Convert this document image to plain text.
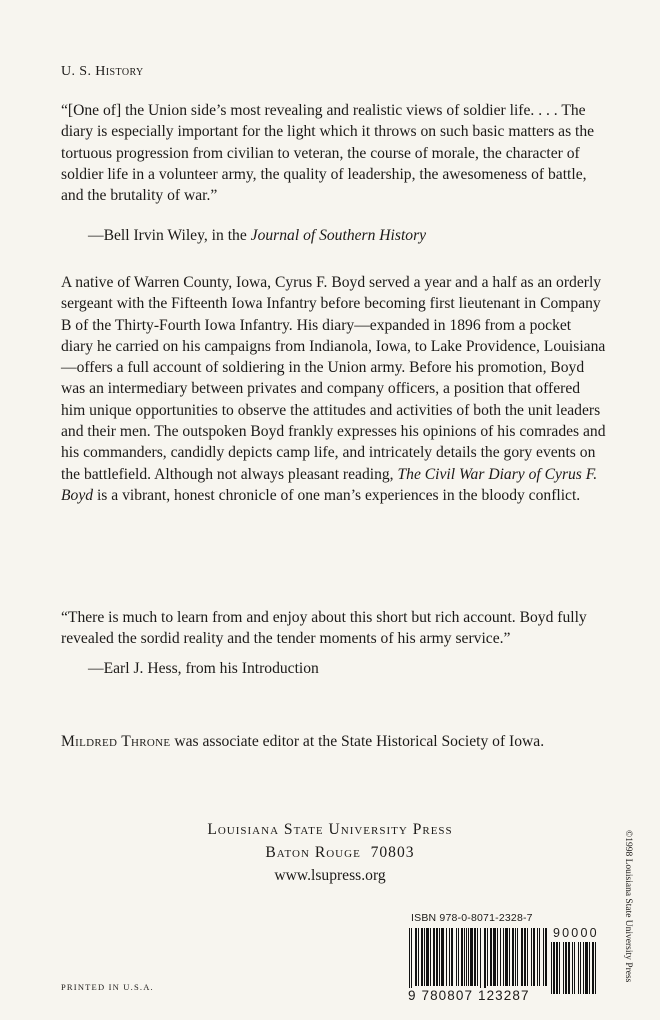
U. S. History

“[One of] the Union side’s most revealing and realistic views of soldier life. . . . The diary is especially important for the light which it throws on such basic matters as the tortuous progression from civilian to veteran, the course of morale, the character of soldier life in a volunteer army, the quality of leadership, the awesomeness of battle, and the brutality of war.”

—Bell Irvin Wiley, in the Journal of Southern History

A native of Warren County, Iowa, Cyrus F. Boyd served a year and a half as an orderly sergeant with the Fifteenth Iowa Infantry before becoming first lieutenant in Company B of the Thirty-Fourth Iowa Infantry. His diary—expanded in 1896 from a pocket diary he carried on his campaigns from Indianola, Iowa, to Lake Providence, Louisiana—offers a full account of soldiering in the Union army. Before his promotion, Boyd was an intermediary between privates and company officers, a position that offered him unique opportunities to observe the attitudes and activities of both the unit leaders and their men. The outspoken Boyd frankly expresses his opinions of his comrades and his commanders, candidly depicts camp life, and intricately details the gory events on the battlefield. Although not always pleasant reading, The Civil War Diary of Cyrus F. Boyd is a vibrant, honest chronicle of one man’s experiences in the bloody conflict.

“There is much to learn from and enjoy about this short but rich account. Boyd fully revealed the sordid reality and the tender moments of his army service.”

—Earl J. Hess, from his Introduction
Mildred Throne was associate editor at the State Historical Society of Iowa.
Louisiana State University Press
Baton Rouge  70803
www.lsupress.org	©1998 Louisiana State University Press
ISBN 978-0-8071-2328-7
90000
9 780807 123287
PRINTED IN U.S.A.
